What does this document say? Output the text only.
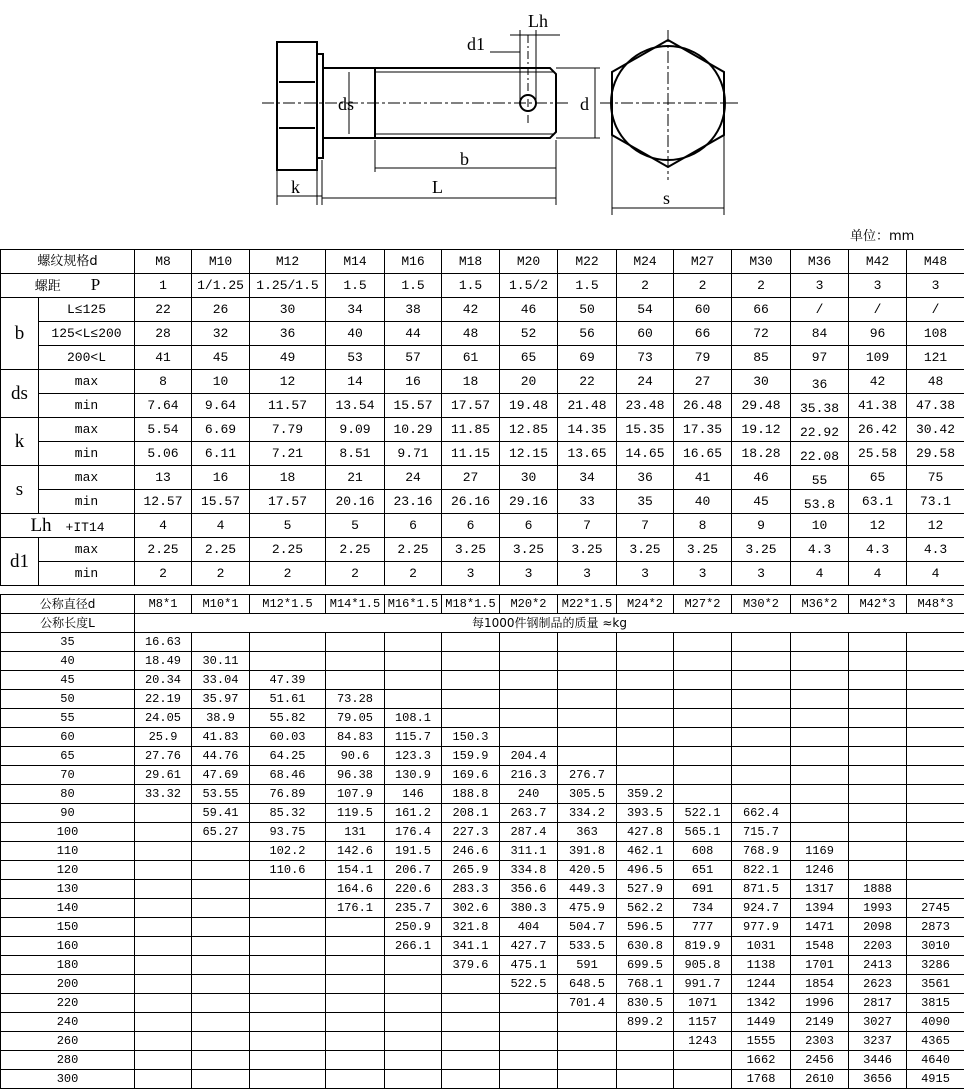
Lh
d1
ds	d
b
k	L
s
单位：mm
螺纹规格d		M8	M10	M12	M14	M16	M18	M20	M22	M24	M27	M30	M36	M42	M48
螺距 P		1	1/1.25	1.25/1.5	1.5	1.5	1.5	1.5/2	1.5	2	2	2	3	3	3
b	L≤125	22	26	30	34	38	42	46	50	54	60	66	/	/	/
	125<L≤200	28	32	36	40	44	48	52	56	60	66	72	84	96	108
	200<L	41	45	49	53	57	61	65	69	73	79	85	97	109	121
ds	max	8	10	12	14	16	18	20	22	24	27	30	36	42	48
	min	7.64	9.64	11.57	13.54	15.57	17.57	19.48	21.48	23.48	26.48	29.48	35.38	41.38	47.38
k	max	5.54	6.69	7.79	9.09	10.29	11.85	12.85	14.35	15.35	17.35	19.12	22.92	26.42	30.42
	min	5.06	6.11	7.21	8.51	9.71	11.15	12.15	13.65	14.65	16.65	18.28	22.08	25.58	29.58
s	max	13	16	18	21	24	27	30	34	36	41	46	55	65	75
	min	12.57	15.57	17.57	20.16	23.16	26.16	29.16	33	35	40	45	53.8	63.1	73.1
Lh +IT14		4	4	5	5	6	6	6	7	7	8	9	10	12	12
d1	max	2.25	2.25	2.25	2.25	2.25	3.25	3.25	3.25	3.25	3.25	3.25	4.3	4.3	4.3
	min	2	2	2	2	2	3	3	3	3	3	3	4	4	4
公称直径d	M8*1	M10*1	M12*1.5	M14*1.5	M16*1.5	M18*1.5	M20*2	M22*1.5	M24*2	M27*2	M30*2	M36*2	M42*3	M48*3
公称长度L	每1000件钢制品的质量 ≈kg													
35	16.63													
40	18.49	30.11												
45	20.34	33.04	47.39											
50	22.19	35.97	51.61	73.28										
55	24.05	38.9	55.82	79.05	108.1									
60	25.9	41.83	60.03	84.83	115.7	150.3								
65	27.76	44.76	64.25	90.6	123.3	159.9	204.4							
70	29.61	47.69	68.46	96.38	130.9	169.6	216.3	276.7						
80	33.32	53.55	76.89	107.9	146	188.8	240	305.5	359.2					
90		59.41	85.32	119.5	161.2	208.1	263.7	334.2	393.5	522.1	662.4			
100		65.27	93.75	131	176.4	227.3	287.4	363	427.8	565.1	715.7			
110			102.2	142.6	191.5	246.6	311.1	391.8	462.1	608	768.9	1169		
120			110.6	154.1	206.7	265.9	334.8	420.5	496.5	651	822.1	1246		
130				164.6	220.6	283.3	356.6	449.3	527.9	691	871.5	1317	1888	
140				176.1	235.7	302.6	380.3	475.9	562.2	734	924.7	1394	1993	2745
150					250.9	321.8	404	504.7	596.5	777	977.9	1471	2098	2873
160					266.1	341.1	427.7	533.5	630.8	819.9	1031	1548	2203	3010
180						379.6	475.1	591	699.5	905.8	1138	1701	2413	3286
200							522.5	648.5	768.1	991.7	1244	1854	2623	3561
220								701.4	830.5	1071	1342	1996	2817	3815
240									899.2	1157	1449	2149	3027	4090
260										1243	1555	2303	3237	4365
280											1662	2456	3446	4640
300											1768	2610	3656	4915
